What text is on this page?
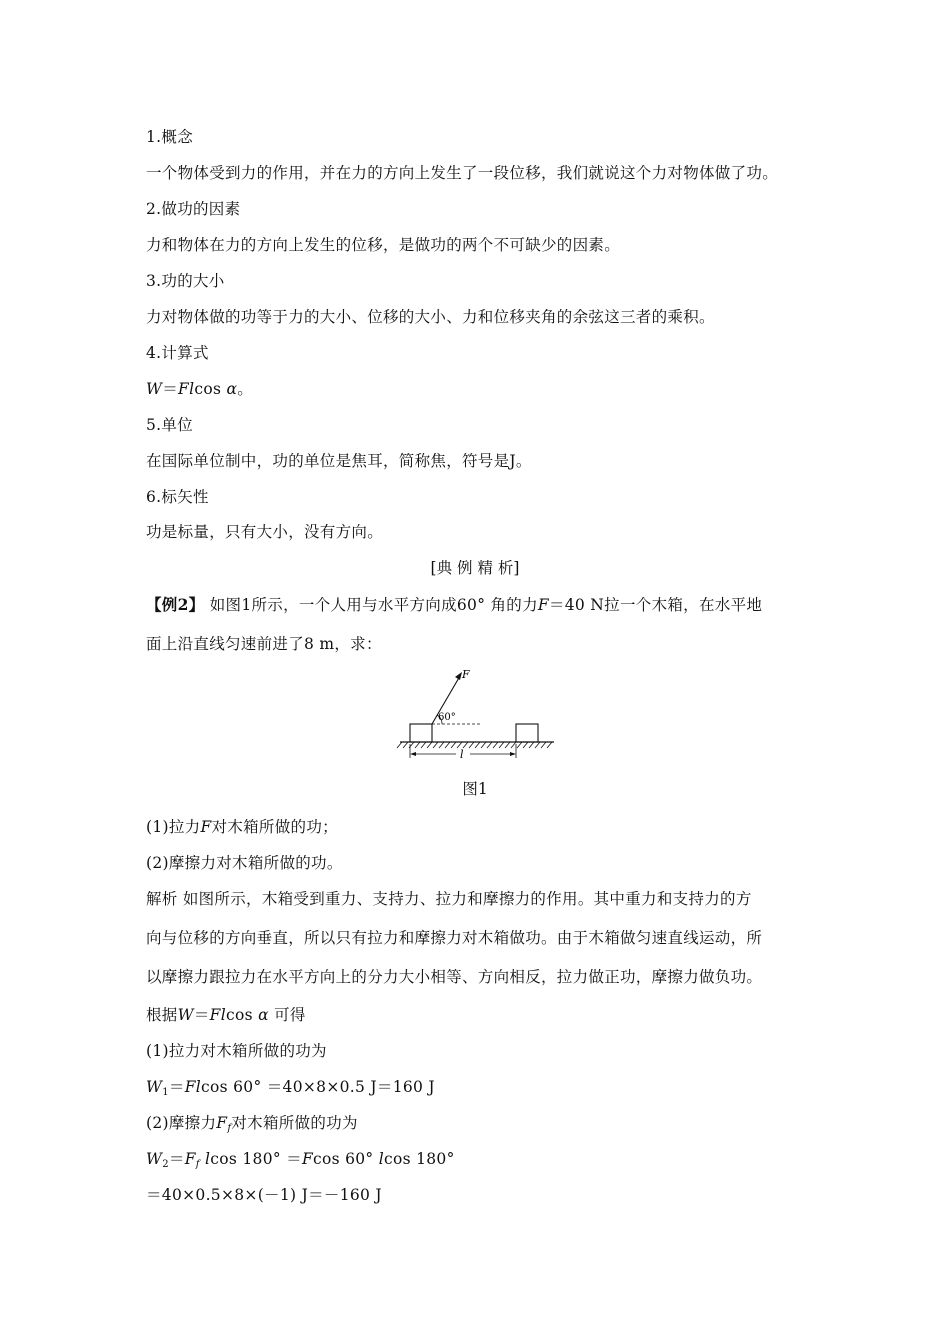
1.概念
一个物体受到力的作用，并在力的方向上发生了一段位移，我们就说这个力对物体做了功。
2.做功的因素
力和物体在力的方向上发生的位移，是做功的两个不可缺少的因素。
3.功的大小
力对物体做的功等于力的大小、位移的大小、力和位移夹角的余弦这三者的乘积。
4.计算式
W＝Flcos α。
5.单位
在国际单位制中，功的单位是焦耳，简称焦，符号是J。
6.标矢性
功是标量，只有大小，没有方向。
[典 例 精 析]
【例2】 如图1所示，一个人用与水平方向成60° 角的力F＝40 N拉一个木箱，在水平地
面上沿直线匀速前进了8 m，求：
F
60°
l
图1
(1)拉力F对木箱所做的功；
(2)摩擦力对木箱所做的功。
解析 如图所示，木箱受到重力、支持力、拉力和摩擦力的作用。其中重力和支持力的方
向与位移的方向垂直，所以只有拉力和摩擦力对木箱做功。由于木箱做匀速直线运动，所
以摩擦力跟拉力在水平方向上的分力大小相等、方向相反，拉力做正功，摩擦力做负功。
根据W＝Flcos α 可得
(1)拉力对木箱所做的功为
$W_1=Flcos$ 60° ＝40×8×0.5 J＝160 J
(2)摩擦力$F_f$对木箱所做的功为
$W_2=F_f$ lcos 180° ＝Fcos 60° lcos 180°
＝40×0.5×8×(－1) J＝－160 J
